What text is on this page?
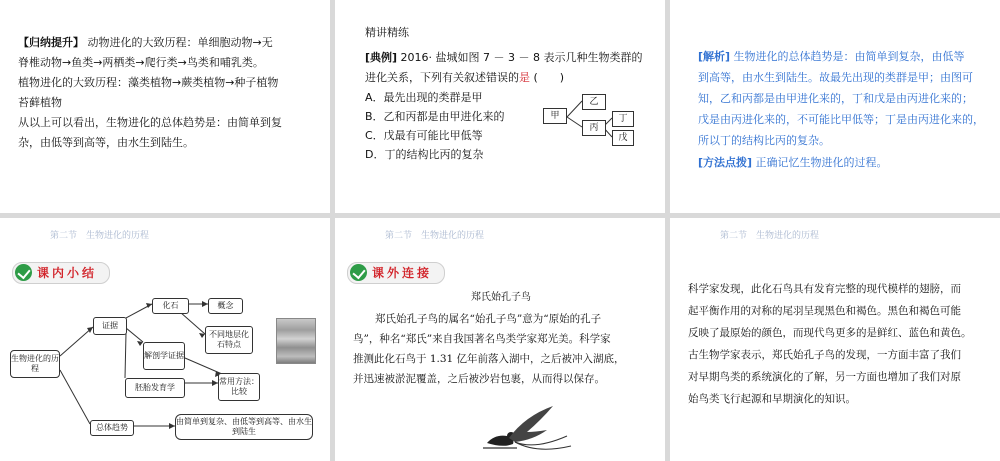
【归纳提升】 动物进化的大致历程：单细胞动物→无
脊椎动物→鱼类→两栖类→爬行类→鸟类和哺乳类。
植物进化的大致历程：藻类植物→蕨类植物→种子植物
苔藓植物
从以上可以看出，生物进化的总体趋势是：由简单到复
杂，由低等到高等，由水生到陆生。
精讲精练
[典例] 2016· 盐城如图 7 － 3 － 8 表示几种生物类群的
进化关系，下列有关叙述错误的是 (　　)
A．最先出现的类群是甲
B．乙和丙都是由甲进化来的
C．戊最有可能比甲低等
D．丁的结构比丙的复杂
甲
乙
丙
丁
戊
[解析] 生物进化的总体趋势是：由简单到复杂，由低等
到高等，由水生到陆生。故最先出现的类群是甲；由图可
知，乙和丙都是由甲进化来的，丁和戊是由丙进化来的；
戊是由丙进化来的，不可能比甲低等；丁是由丙进化来的，
所以丁的结构比丙的复杂。
[方法点拨] 正确记忆生物进化的过程。
第二节　生物进化的历程
课内小结
生物进化的历程
证据
化石	概念
不同地层化石特点
解剖学证据
胚胎发育学
常用方法：比较
总体趋势
由简单到复杂、由低等到高等、由水生到陆生
第二节　生物进化的历程
课外连接
郑氏始孔子鸟
郑氏始孔子鸟的属名“始孔子鸟”意为“原始的孔子
鸟”，种名“郑氏”来自我国著名鸟类学家郑光美。科学家
推测此化石鸟于 1.31 亿年前落入湖中，之后被冲入湖底，
并迅速被淤泥覆盖，之后被沙岩包裹，从而得以保存。
第二节　生物进化的历程
科学家发现，此化石鸟具有发育完整的现代模样的翅膀，而
起平衡作用的对称的尾羽呈现黑色和褐色。黑色和褐色可能
反映了最原始的颜色，而现代鸟更多的是鲜红、蓝色和黄色。
古生物学家表示，郑氏始孔子鸟的发现，一方面丰富了我们
对早期鸟类的系统演化的了解，另一方面也增加了我们对原
始鸟类飞行起源和早期演化的知识。
